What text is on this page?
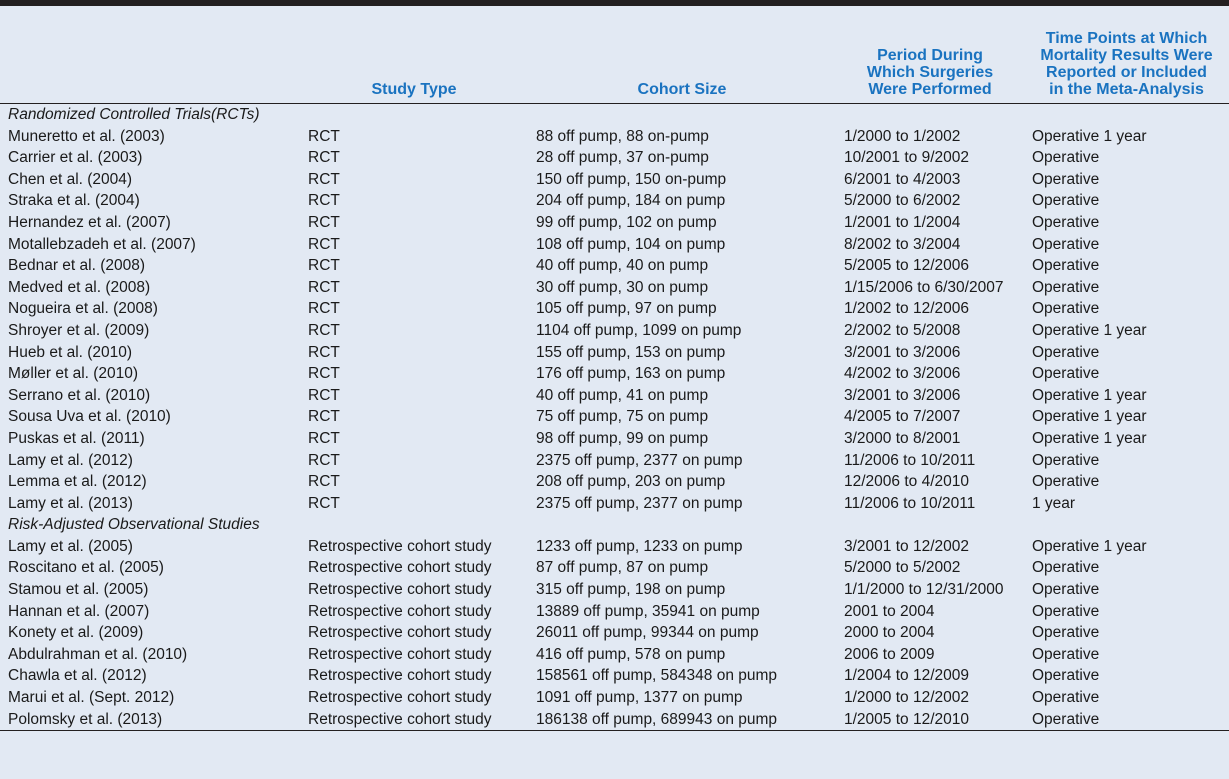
	Study Type	Cohort Size	Period During
Which Surgeries
Were Performed	Time Points at Which
Mortality Results Were
Reported or Included
in the Meta-Analysis

Randomized Controlled Trials(RCTs)				
Muneretto et al. (2003)	RCT	88 off pump, 88 on-pump	1/2000 to 1/2002	Operative 1 year
Carrier et al. (2003)	RCT	28 off pump, 37 on-pump	10/2001 to 9/2002	Operative
Chen et al. (2004)	RCT	150 off pump, 150 on-pump	6/2001 to 4/2003	Operative
Straka et al. (2004)	RCT	204 off pump, 184 on pump	5/2000 to 6/2002	Operative
Hernandez et al. (2007)	RCT	99 off pump, 102 on pump	1/2001 to 1/2004	Operative
Motallebzadeh et al. (2007)	RCT	108 off pump, 104 on pump	8/2002 to 3/2004	Operative
Bednar et al. (2008)	RCT	40 off pump, 40 on pump	5/2005 to 12/2006	Operative
Medved et al. (2008)	RCT	30 off pump, 30 on pump	1/15/2006 to 6/30/2007	Operative
Nogueira et al. (2008)	RCT	105 off pump, 97 on pump	1/2002 to 12/2006	Operative
Shroyer et al. (2009)	RCT	1104 off pump, 1099 on pump	2/2002 to 5/2008	Operative 1 year
Hueb et al. (2010)	RCT	155 off pump, 153 on pump	3/2001 to 3/2006	Operative
Møller et al. (2010)	RCT	176 off pump, 163 on pump	4/2002 to 3/2006	Operative
Serrano et al. (2010)	RCT	40 off pump, 41 on pump	3/2001 to 3/2006	Operative 1 year
Sousa Uva et al. (2010)	RCT	75 off pump, 75 on pump	4/2005 to 7/2007	Operative 1 year
Puskas et al. (2011)	RCT	98 off pump, 99 on pump	3/2000 to 8/2001	Operative 1 year
Lamy et al. (2012)	RCT	2375 off pump, 2377 on pump	11/2006 to 10/2011	Operative
Lemma et al. (2012)	RCT	208 off pump, 203 on pump	12/2006 to 4/2010	Operative
Lamy et al. (2013)	RCT	2375 off pump, 2377 on pump	11/2006 to 10/2011	1 year
Risk-Adjusted Observational Studies				
Lamy et al. (2005)	Retrospective cohort study	1233 off pump, 1233 on pump	3/2001 to 12/2002	Operative 1 year
Roscitano et al. (2005)	Retrospective cohort study	87 off pump, 87 on pump	5/2000 to 5/2002	Operative
Stamou et al. (2005)	Retrospective cohort study	315 off pump, 198 on pump	1/1/2000 to 12/31/2000	Operative
Hannan et al. (2007)	Retrospective cohort study	13889 off pump, 35941 on pump	2001 to 2004	Operative
Konety et al. (2009)	Retrospective cohort study	26011 off pump, 99344 on pump	2000 to 2004	Operative
Abdulrahman et al. (2010)	Retrospective cohort study	416 off pump, 578 on pump	2006 to 2009	Operative
Chawla et al. (2012)	Retrospective cohort study	158561 off pump, 584348 on pump	1/2004 to 12/2009	Operative
Marui et al. (Sept. 2012)	Retrospective cohort study	1091 off pump, 1377 on pump	1/2000 to 12/2002	Operative
Polomsky et al. (2013)	Retrospective cohort study	186138 off pump, 689943 on pump	1/2005 to 12/2010	Operative
